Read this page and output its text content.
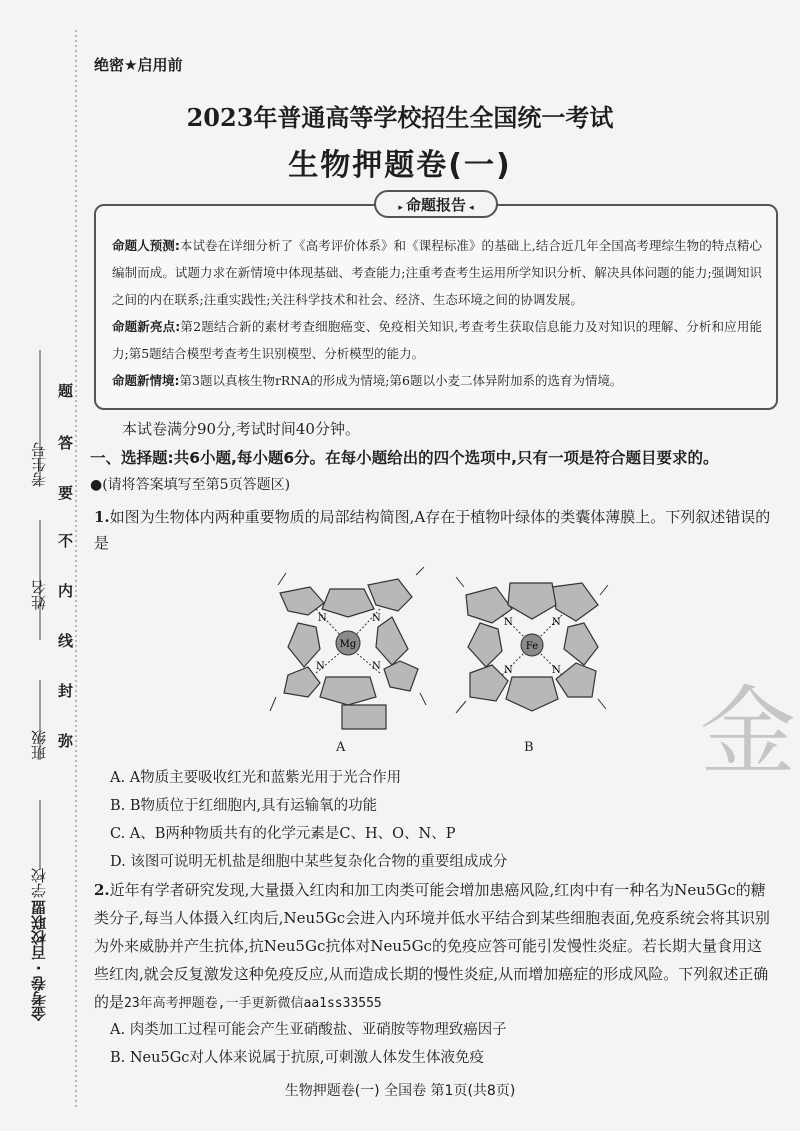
考生号
姓名
班级
学校
金考卷 · 百校联盟
题
答
要
不
内
线
封
弥
绝密★启用前
2023年普通高等学校招生全国统一考试
生物押题卷(一)
▸ 命题报告 ◂
命题人预测:本试卷在详细分析了《高考评价体系》和《课程标准》的基础上,结合近几年全国高考理综生物的特点精心编制而成。试题力求在新情境中体现基础、考查能力;注重考查考生运用所学知识分析、解决具体问题的能力;强调知识之间的内在联系;注重实践性;关注科学技术和社会、经济、生态环境之间的协调发展。
命题新亮点:第2题结合新的素材考查细胞癌变、免疫相关知识,考查考生获取信息能力及对知识的理解、分析和应用能力;第5题结合模型考查考生识别模型、分析模型的能力。
命题新情境:第3题以真核生物rRNA的形成为情境;第6题以小麦二体异附加系的选育为情境。
本试卷满分90分,考试时间40分钟。
一、选择题:共6小题,每小题6分。在每小题给出的四个选项中,只有一项是符合题目要求的。
●(请将答案填写至第5页答题区)
1.如图为生物体内两种重要物质的局部结构简图,A存在于植物叶绿体的类囊体薄膜上。下列叙述错误的是
Mg
N	N
N	N
A
Fe
N	N
N	N
B 金
A. A物质主要吸收红光和蓝紫光用于光合作用
B. B物质位于红细胞内,具有运输氧的功能
C. A、B两种物质共有的化学元素是C、H、O、N、P
D. 该图可说明无机盐是细胞中某些复杂化合物的重要组成成分
2.近年有学者研究发现,大量摄入红肉和加工肉类可能会增加患癌风险,红肉中有一种名为Neu5Gc的糖类分子,每当人体摄入红肉后,Neu5Gc会进入内环境并低水平结合到某些细胞表面,免疫系统会将其识别为外来威胁并产生抗体,抗Neu5Gc抗体对Neu5Gc的免疫应答可能引发慢性炎症。若长期大量食用这些红肉,就会反复激发这种免疫反应,从而造成长期的慢性炎症,从而增加癌症的形成风险。下列叙述正确的是23年高考押题卷,一手更新微信aa1ss33555
A. 肉类加工过程可能会产生亚硝酸盐、亚硝胺等物理致癌因子
B. Neu5Gc对人体来说属于抗原,可刺激人体发生体液免疫
生物押题卷(一) 全国卷 第1页(共8页)
